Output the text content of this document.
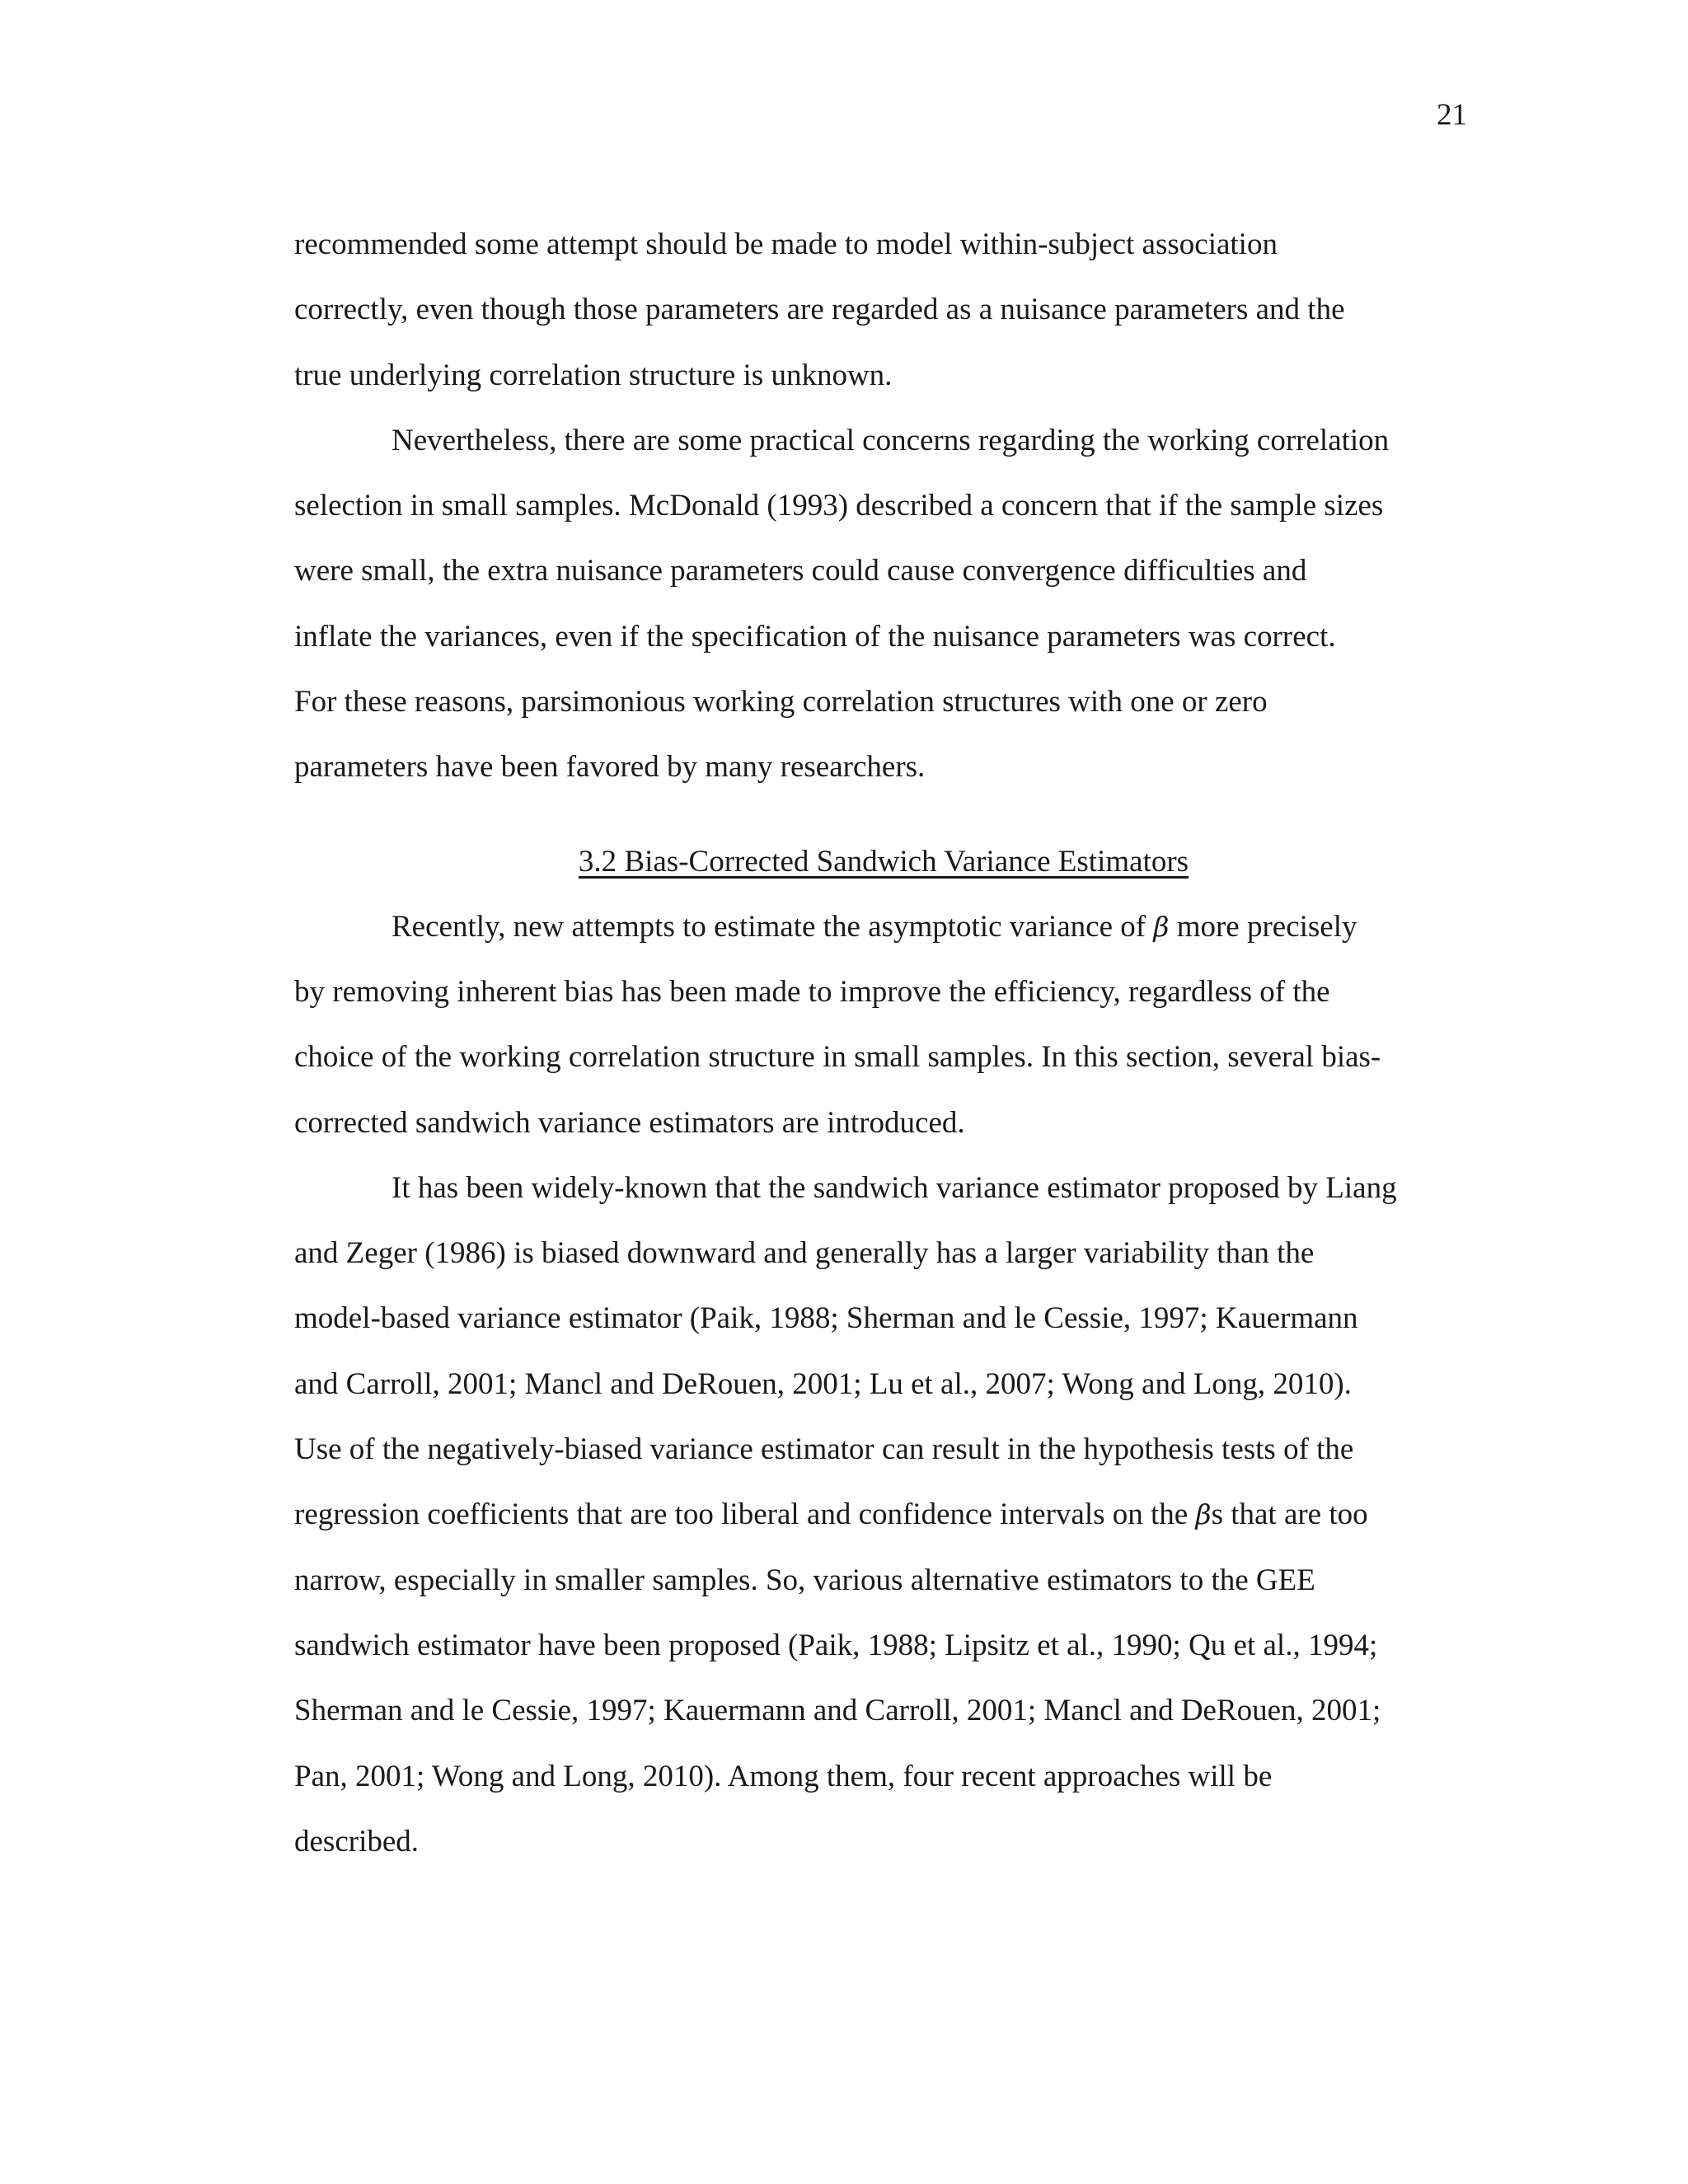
21

recommended some attempt should be made to model within-subject association
correctly, even though those parameters are regarded as a nuisance parameters and the
true underlying correlation structure is unknown.

Nevertheless, there are some practical concerns regarding the working correlation
selection in small samples. McDonald (1993) described a concern that if the sample sizes
were small, the extra nuisance parameters could cause convergence difficulties and
inflate the variances, even if the specification of the nuisance parameters was correct.
For these reasons, parsimonious working correlation structures with one or zero
parameters have been favored by many researchers.

3.2 Bias-Corrected Sandwich Variance Estimators

Recently, new attempts to estimate the asymptotic variance of β more precisely
by removing inherent bias has been made to improve the efficiency, regardless of the
choice of the working correlation structure in small samples. In this section, several bias-
corrected sandwich variance estimators are introduced.

It has been widely-known that the sandwich variance estimator proposed by Liang
and Zeger (1986) is biased downward and generally has a larger variability than the
model-based variance estimator (Paik, 1988; Sherman and le Cessie, 1997; Kauermann
and Carroll, 2001; Mancl and DeRouen, 2001; Lu et al., 2007; Wong and Long, 2010).
Use of the negatively-biased variance estimator can result in the hypothesis tests of the
regression coefficients that are too liberal and confidence intervals on the βs that are too
narrow, especially in smaller samples. So, various alternative estimators to the GEE
sandwich estimator have been proposed (Paik, 1988; Lipsitz et al., 1990; Qu et al., 1994;
Sherman and le Cessie, 1997; Kauermann and Carroll, 2001; Mancl and DeRouen, 2001;
Pan, 2001; Wong and Long, 2010). Among them, four recent approaches will be
described.
